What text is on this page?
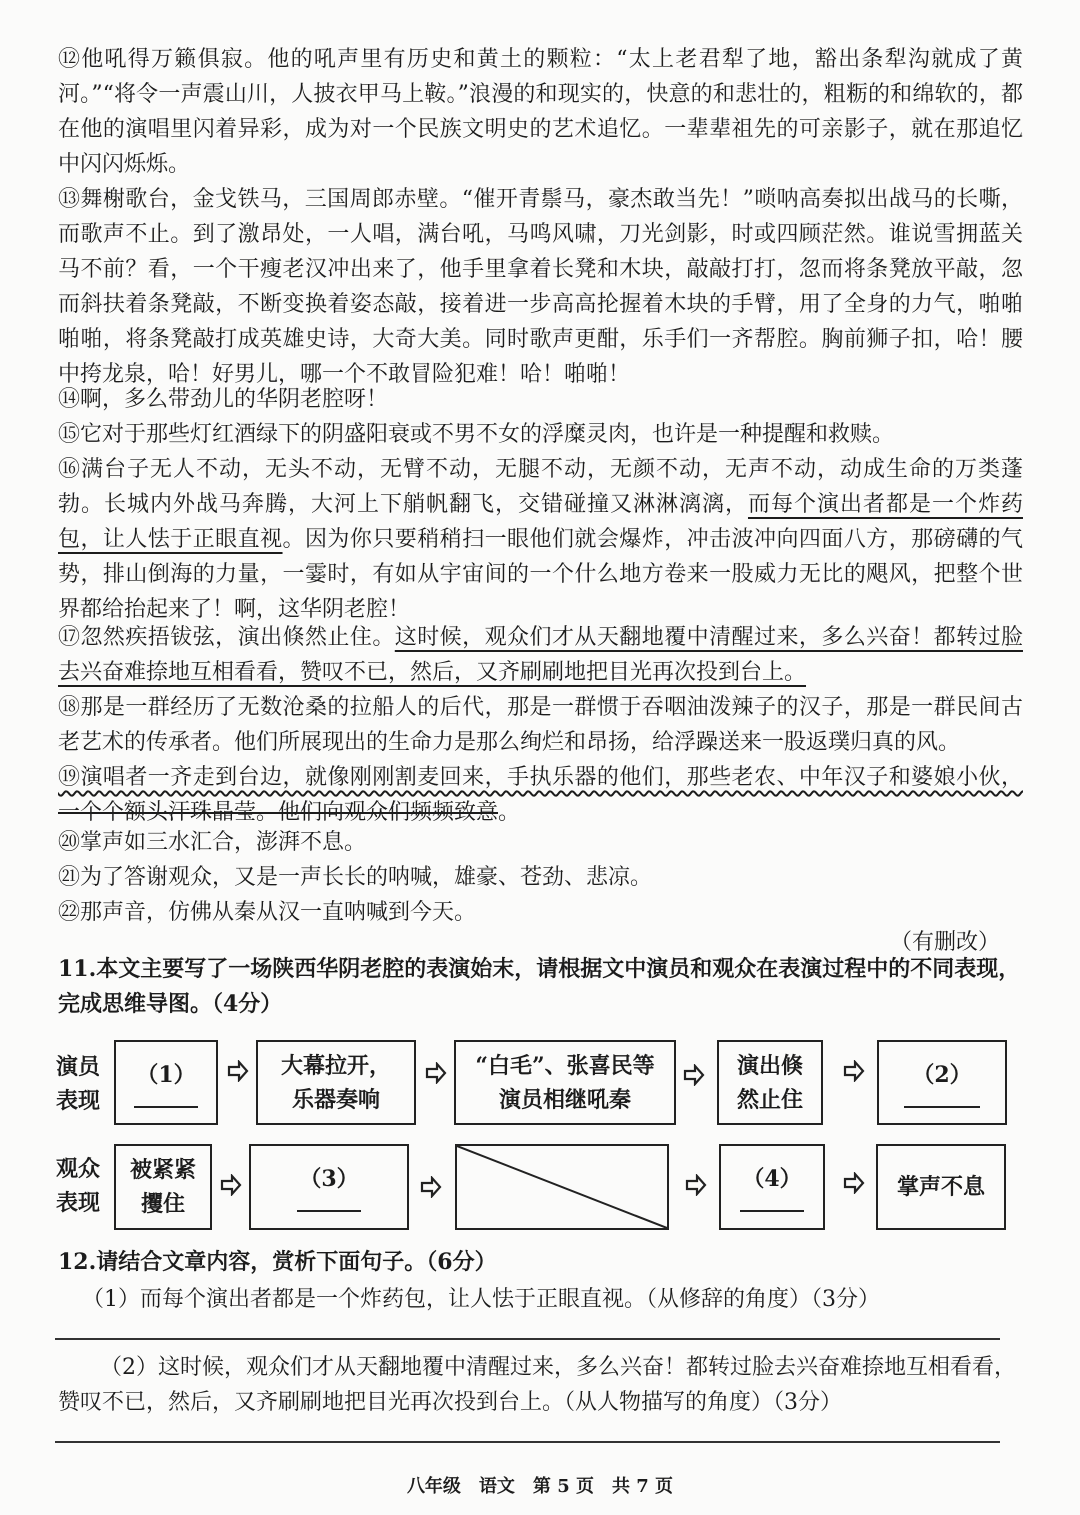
⑫他吼得万籁俱寂。他的吼声里有历史和黄土的颗粒：“太上老君犁了地，豁出条犁沟就成了黄河。”“将令一声震山川，人披衣甲马上鞍。”浪漫的和现实的，快意的和悲壮的，粗粝的和绵软的，都在他的演唱里闪着异彩，成为对一个民族文明史的艺术追忆。一辈辈祖先的可亲影子，就在那追忆中闪闪烁烁。

⑬舞榭歌台，金戈铁马，三国周郎赤壁。“催开青鬃马，豪杰敢当先！”唢呐高奏拟出战马的长嘶，而歌声不止。到了激昂处，一人唱，满台吼，马鸣风啸，刀光剑影，时或四顾茫然。谁说雪拥蓝关马不前？看，一个干瘦老汉冲出来了，他手里拿着长凳和木块，敲敲打打，忽而将条凳放平敲，忽而斜扶着条凳敲，不断变换着姿态敲，接着进一步高高抡握着木块的手臂，用了全身的力气，啪啪啪啪，将条凳敲打成英雄史诗，大奇大美。同时歌声更酣，乐手们一齐帮腔。胸前狮子扣，哈！腰中挎龙泉，哈！好男儿，哪一个不敢冒险犯难！哈！啪啪！

⑭啊，多么带劲儿的华阴老腔呀！

⑮它对于那些灯红酒绿下的阴盛阳衰或不男不女的浮糜灵肉，也许是一种提醒和救赎。

⑯满台子无人不动，无头不动，无臂不动，无腿不动，无颜不动，无声不动，动成生命的万类蓬勃。长城内外战马奔腾，大河上下艄帆翻飞，交错碰撞又淋淋漓漓，而每个演出者都是一个炸药包，让人怯于正眼直视。因为你只要稍稍扫一眼他们就会爆炸，冲击波冲向四面八方，那磅礴的气势，排山倒海的力量，一霎时，有如从宇宙间的一个什么地方卷来一股威力无比的飓风，把整个世界都给抬起来了！啊，这华阴老腔！

⑰忽然疾捂钹弦，演出倏然止住。这时候，观众们才从天翻地覆中清醒过来，多么兴奋！都转过脸去兴奋难捺地互相看看，赞叹不已，然后，又齐刷刷地把目光再次投到台上。

⑱那是一群经历了无数沧桑的拉船人的后代，那是一群惯于吞咽油泼辣子的汉子，那是一群民间古老艺术的传承者。他们所展现出的生命力是那么绚烂和昂扬，给浮躁送来一股返璞归真的风。

⑲演唱者一齐走到台边，就像刚刚割麦回来，手执乐器的他们，那些老农、中年汉子和婆娘小伙，一个个额头汗珠晶莹。他们向观众们频频致意。

⑳掌声如三水汇合，澎湃不息。

㉑为了答谢观众，又是一声长长的呐喊，雄豪、苍劲、悲凉。

㉒那声音，仿佛从秦从汉一直呐喊到今天。

（有删改）
11.本文主要写了一场陕西华阴老腔的表演始末，请根据文中演员和观众在表演过程中的不同表现，完成思维导图。（4分）
演员表现
观众表现
（1）	大幕拉开，乐器奏响
“白毛”、张喜民等演员相继吼秦
演出倏然止住
（2）
被紧紧攫住
（3）	（4）	掌声不息
12.请结合文章内容，赏析下面句子。（6分）
（1）而每个演出者都是一个炸药包，让人怯于正眼直视。（从修辞的角度）（3分）
（2）这时候，观众们才从天翻地覆中清醒过来，多么兴奋！都转过脸去兴奋难捺地互相看看，赞叹不已，然后，又齐刷刷地把目光再次投到台上。（从人物描写的角度）（3分）
八年级　语文　第 5 页　共 7 页
